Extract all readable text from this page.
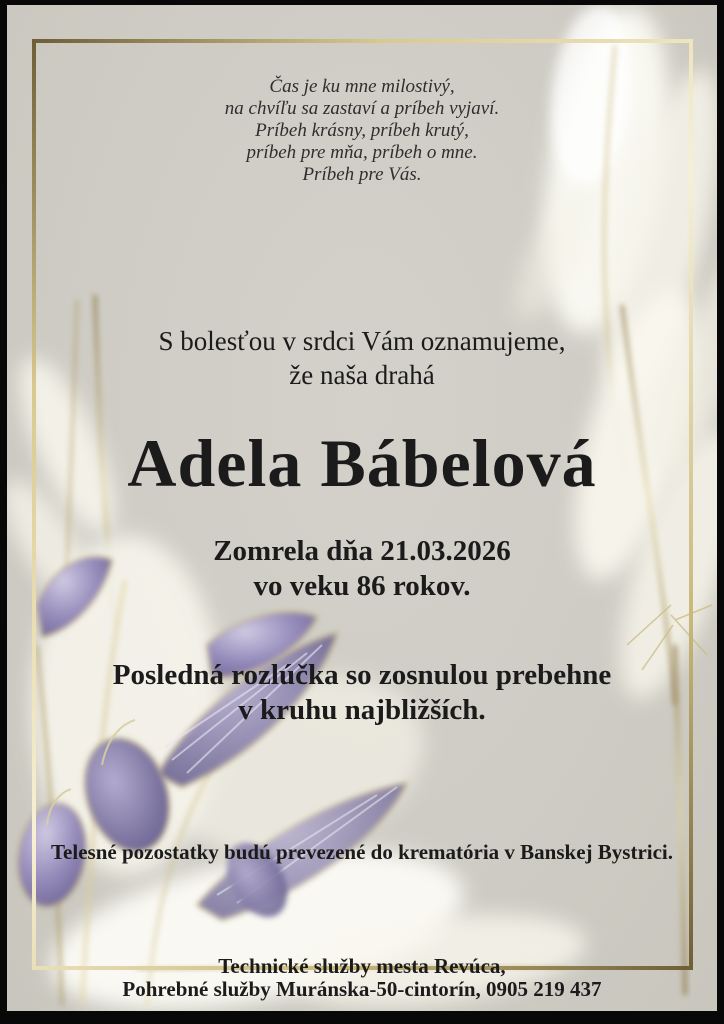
Čas je ku mne milostivý,
na chvíľu sa zastaví a príbeh vyjaví.
Príbeh krásny, príbeh krutý,
príbeh pre mňa, príbeh o mne.
Príbeh pre Vás.
S bolesťou v srdci Vám oznamujeme,
že naša drahá
Adela Bábelová
Zomrela dňa 21.03.2026
vo veku 86 rokov.
Posledná rozlúčka so zosnulou prebehne
v kruhu najbližších.
Telesné pozostatky budú prevezené do krematória v Banskej Bystrici.
Technické služby mesta Revúca,
Pohrebné služby Muránska-50-cintorín, 0905 219 437
